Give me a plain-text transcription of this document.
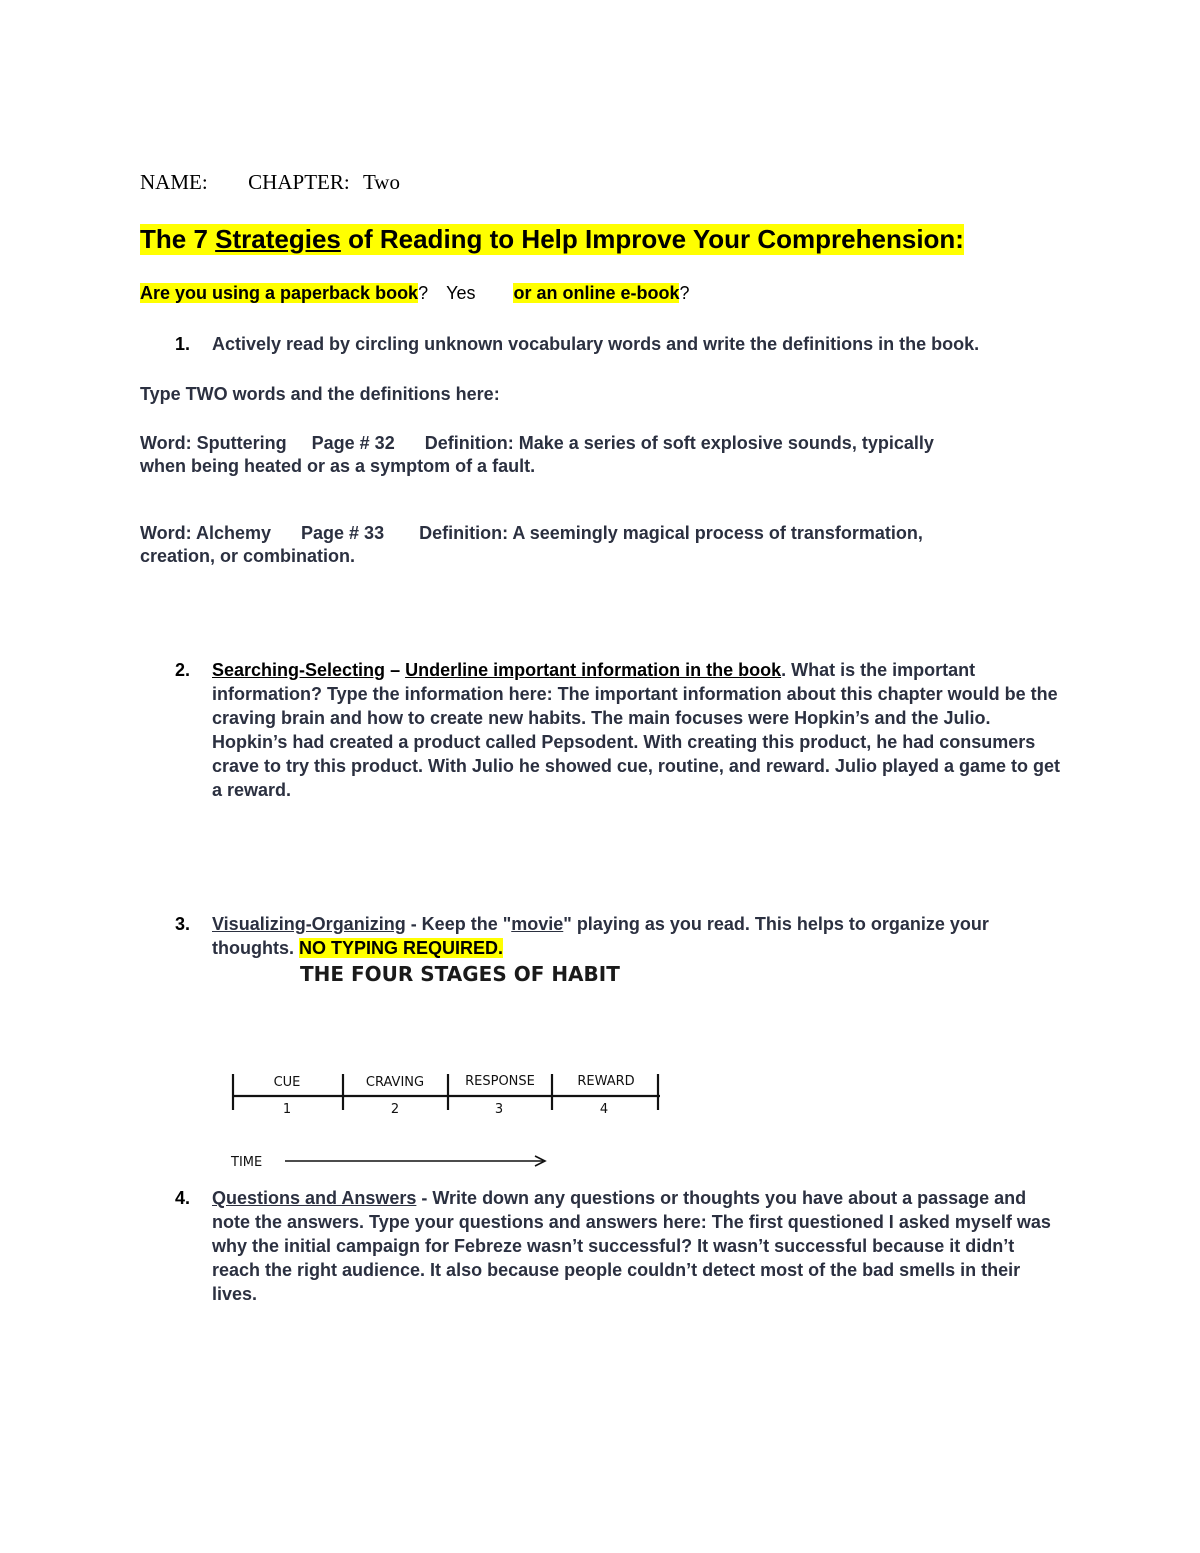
NAME: CHAPTER: Two
The 7 Strategies of Reading to Help Improve Your Comprehension:
Are you using a paperback book? Yes or an online e-book?
1. Actively read by circling unknown vocabulary words and write the definitions in the book.
Type TWO words and the definitions here:
Word: Sputtering     Page # 32      Definition: Make a series of soft explosive sounds, typically
when being heated or as a symptom of a fault.
Word: Alchemy      Page # 33       Definition: A seemingly magical process of transformation,
creation, or combination.
2. Searching-Selecting – Underline important information in the book. What is the important information? Type the information here: The important information about this chapter would be the craving brain and how to create new habits. The main focuses were Hopkin’s and the Julio. Hopkin’s had created a product called Pepsodent. With creating this product, he had consumers crave to try this product. With Julio he showed cue, routine, and reward. Julio played a game to get a reward.
3. Visualizing-Organizing - Keep the "movie" playing as you read. This helps to organize your thoughts. NO TYPING REQUIRED.
THE FOUR STAGES OF HABIT
CUE	CRAVING	RESPONSE	REWARD
1	2	3	4
TIME
4. Questions and Answers - Write down any questions or thoughts you have about a passage and note the answers. Type your questions and answers here: The first questioned I asked myself was why the initial campaign for Febreze wasn’t successful? It wasn’t successful because it didn’t reach the right audience. It also because people couldn’t detect most of the bad smells in their lives.
